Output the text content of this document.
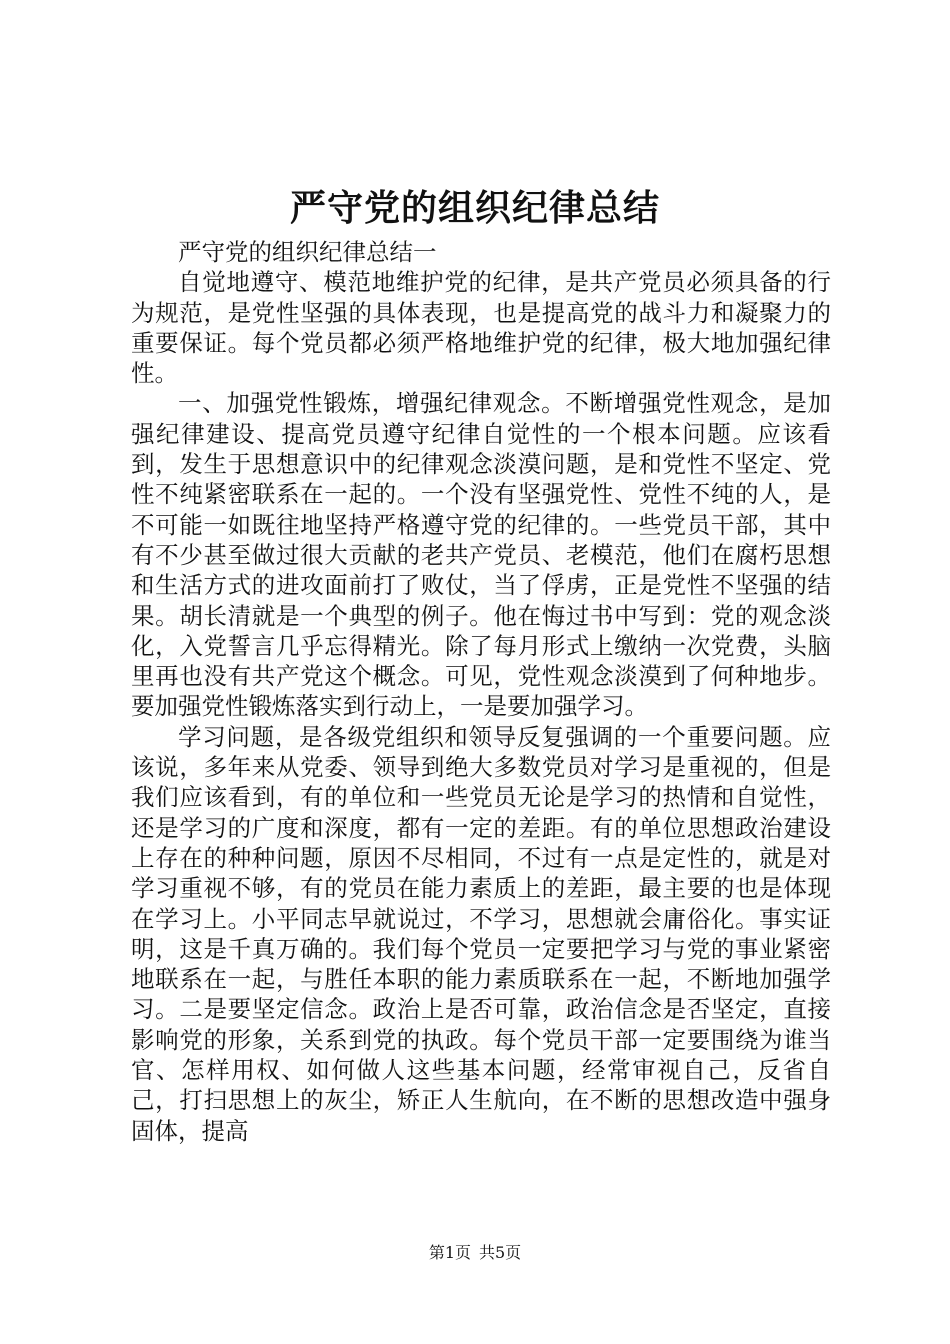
严守党的组织纪律总结

严守党的组织纪律总结一

自觉地遵守、模范地维护党的纪律，是共产党员必须具备的行为规范，是党性坚强的具体表现，也是提高党的战斗力和凝聚力的重要保证。每个党员都必须严格地维护党的纪律，极大地加强纪律性。

一、加强党性锻炼，增强纪律观念。不断增强党性观念，是加强纪律建设、提高党员遵守纪律自觉性的一个根本问题。应该看到，发生于思想意识中的纪律观念淡漠问题，是和党性不坚定、党性不纯紧密联系在一起的。一个没有坚强党性、党性不纯的人，是不可能一如既往地坚持严格遵守党的纪律的。一些党员干部，其中有不少甚至做过很大贡献的老共产党员、老模范，他们在腐朽思想和生活方式的进攻面前打了败仗，当了俘虏，正是党性不坚强的结果。胡长清就是一个典型的例子。他在悔过书中写到：党的观念淡化，入党誓言几乎忘得精光。除了每月形式上缴纳一次党费，头脑里再也没有共产党这个概念。可见，党性观念淡漠到了何种地步。要加强党性锻炼落实到行动上，一是要加强学习。

学习问题，是各级党组织和领导反复强调的一个重要问题。应该说，多年来从党委、领导到绝大多数党员对学习是重视的，但是我们应该看到，有的单位和一些党员无论是学习的热情和自觉性，还是学习的广度和深度，都有一定的差距。有的单位思想政治建设上存在的种种问题，原因不尽相同，不过有一点是定性的，就是对学习重视不够，有的党员在能力素质上的差距，最主要的也是体现在学习上。小平同志早就说过，不学习，思想就会庸俗化。事实证明，这是千真万确的。我们每个党员一定要把学习与党的事业紧密地联系在一起，与胜任本职的能力素质联系在一起，不断地加强学习。二是要坚定信念。政治上是否可靠，政治信念是否坚定，直接影响党的形象，关系到党的执政。每个党员干部一定要围绕为谁当官、怎样用权、如何做人这些基本问题，经常审视自己，反省自己，打扫思想上的灰尘，矫正人生航向，在不断的思想改造中强身固体，提高

第1页 共5页
